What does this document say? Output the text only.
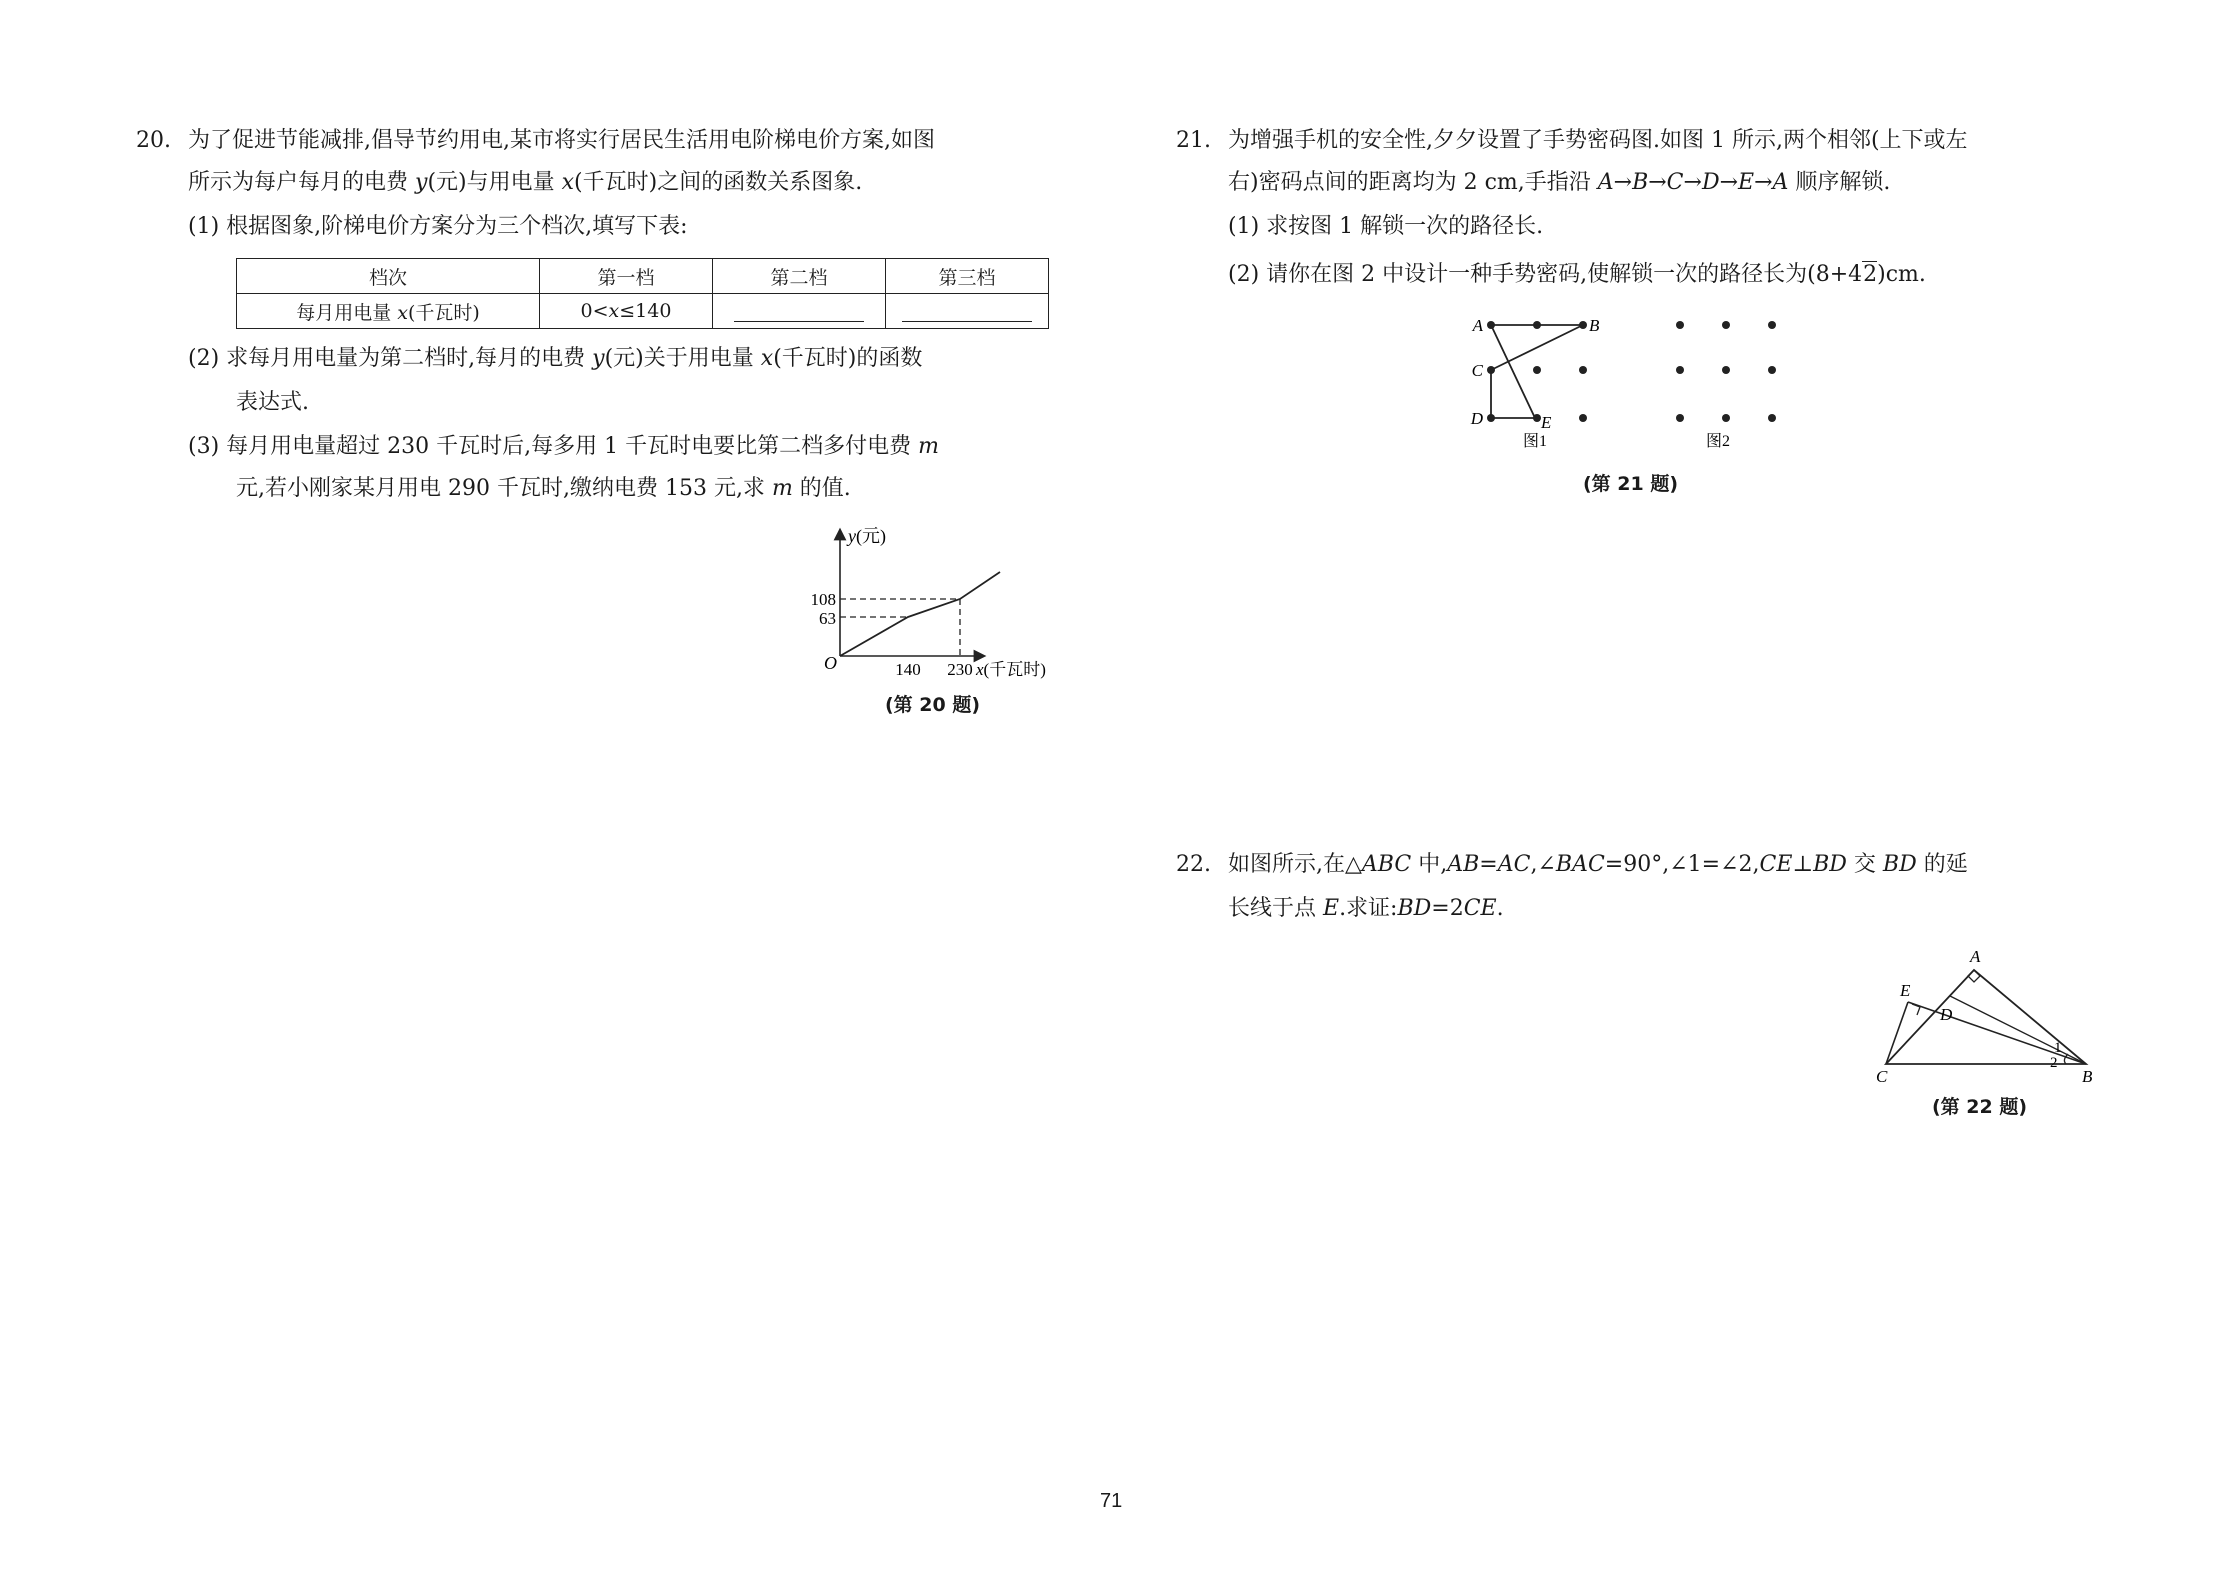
20. 为了促进节能减排,倡导节约用电,某市将实行居民生活用电阶梯电价方案,如图
所示为每户每月的电费 y(元)与用电量 x(千瓦时)之间的函数关系图象.
(1) 根据图象,阶梯电价方案分为三个档次,填写下表:
档次	第一档	第二档	第三档
每月用电量 x(千瓦时)	0<x≤140		
(2) 求每月用电量为第二档时,每月的电费 y(元)关于用电量 x(千瓦时)的函数
表达式.
(3) 每月用电量超过 230 千瓦时后,每多用 1 千瓦时电要比第二档多付电费 m
元,若小刚家某月用电 290 千瓦时,缴纳电费 153 元,求 m 的值.
y(元)
108
63
O	140 230 x(千瓦时)
(第 20 题)
21. 为增强手机的安全性,夕夕设置了手势密码图.如图 1 所示,两个相邻(上下或左
右)密码点间的距离均为 2 cm,手指沿 A→B→C→D→E→A 顺序解锁.
(1) 求按图 1 解锁一次的路径长.
(2) 请你在图 2 中设计一种手势密码,使解锁一次的路径长为(8+42)cm.
A	B
C
D	E
图1	图2
(第 21 题)
22. 如图所示,在△ABC 中,AB=AC,∠BAC=90°,∠1=∠2,CE⊥BD 交 BD 的延
长线于点 E.求证:BD=2CE.
A
E
D
C	B
1
2
(第 22 题)
71
